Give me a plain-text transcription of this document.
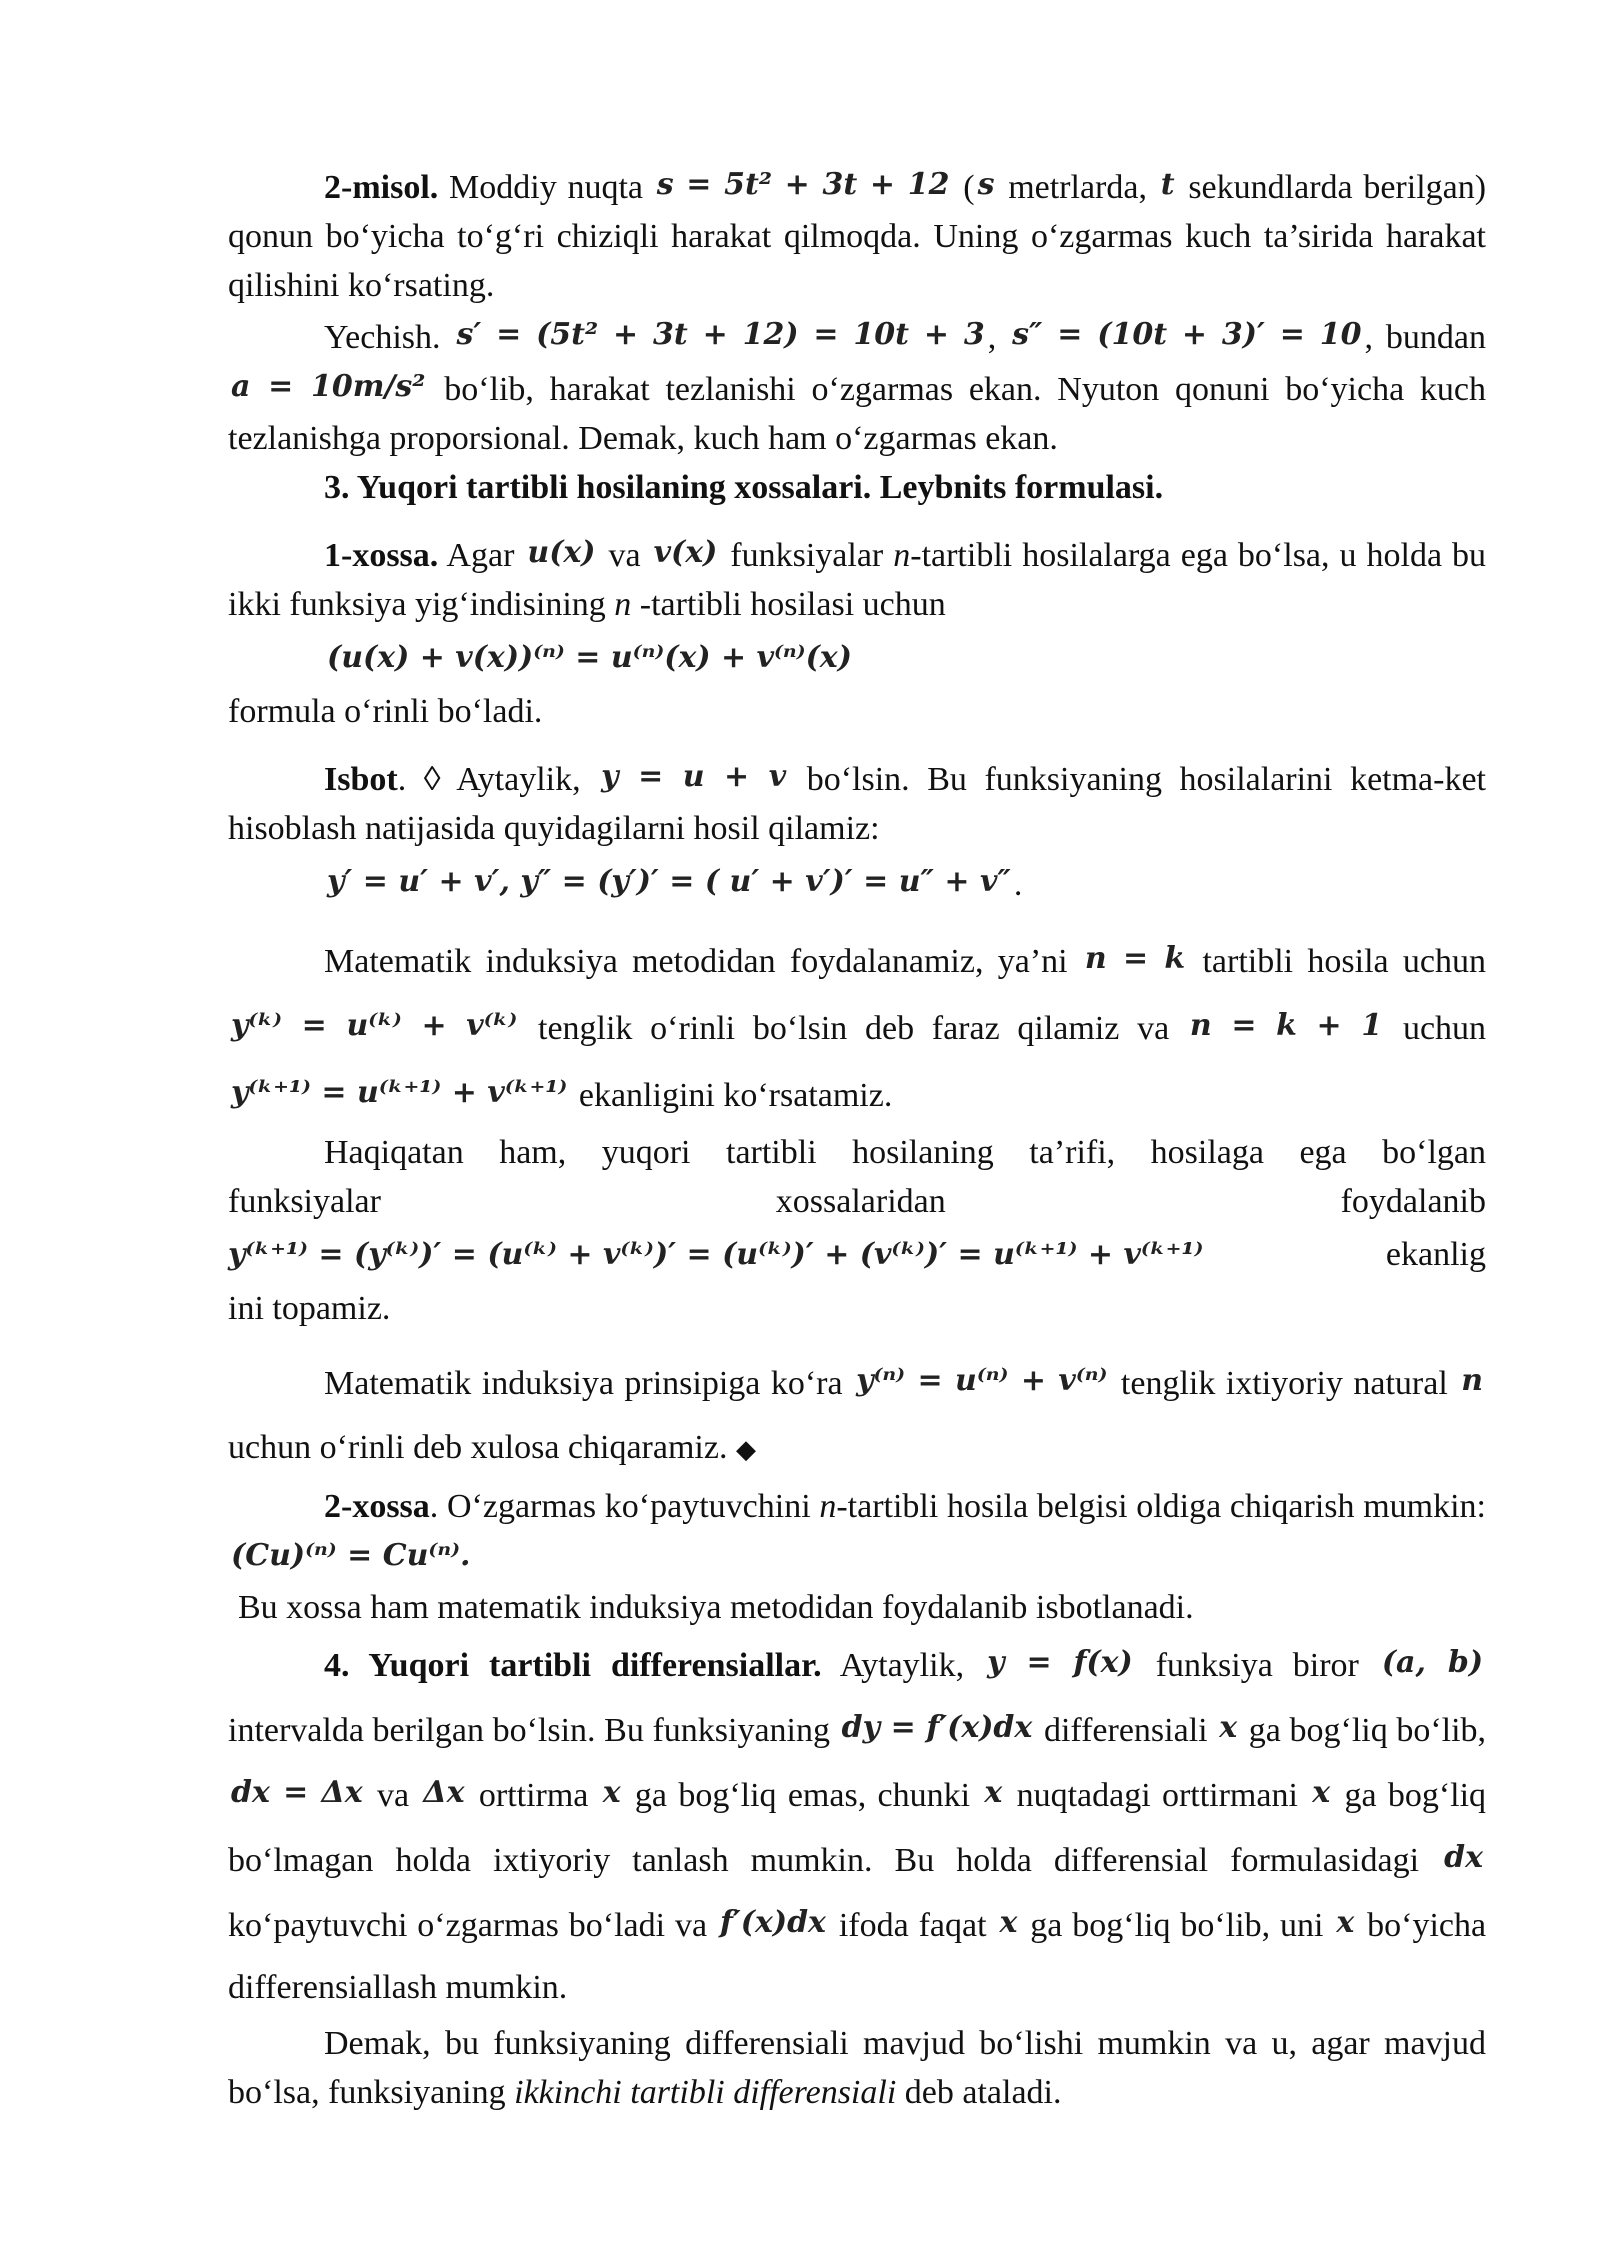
2-misol. Moddiy nuqta s = 5t² + 3t + 12 ( s metrlarda, t sekundlarda berilgan) qonun bo‘yicha to‘g‘ri chiziqli harakat qilmoqda. Uning o‘zgarmas kuch ta’sirida harakat qilishini ko‘rsating.

Yechish. s′ = (5t² + 3t + 12) = 10t + 3, s″ = (10t + 3)′ = 10, bundan a = 10m/s² bo‘lib, harakat tezlanishi o‘zgarmas ekan. Nyuton qonuni bo‘yicha kuch tezlanishga proporsional. Demak, kuch ham o‘zgarmas ekan.

3. Yuqori tartibli hosilaning xossalari. Leybnits formulasi.

1-xossa. Agar u(x) va v(x) funksiyalar n-tartibli hosilalarga ega bo‘lsa, u holda bu ikki funksiya yig‘indisining n -tartibli hosilasi uchun

(u(x) + v(x))⁽ⁿ⁾ = u⁽ⁿ⁾(x) + v⁽ⁿ⁾(x)

formula o‘rinli bo‘ladi.

Isbot. ◊ Aytaylik, y = u + v bo‘lsin. Bu funksiyaning hosilalarini ketma-ket hisoblash natijasida quyidagilarni hosil qilamiz:

y′ = u′ + v′, y″ = (y′)′ = ( u′ + v′)′ = u″ + v″.

Matematik induksiya metodidan foydalanamiz, ya’ni n = k tartibli hosila uchun y⁽ᵏ⁾ = u⁽ᵏ⁾ + v⁽ᵏ⁾ tenglik o‘rinli bo‘lsin deb faraz qilamiz va n = k + 1 uchun y⁽ᵏ⁺¹⁾ = u⁽ᵏ⁺¹⁾ + v⁽ᵏ⁺¹⁾ ekanligini ko‘rsatamiz.

Haqiqatan ham, yuqori tartibli hosilaning ta’rifi, hosilaga ega bo‘lgan

funksiyalar	xossalaridan	foydalanib
y⁽ᵏ⁺¹⁾ = (y⁽ᵏ⁾)′ = (u⁽ᵏ⁾ + v⁽ᵏ⁾)′ = (u⁽ᵏ⁾)′ + (v⁽ᵏ⁾)′ = u⁽ᵏ⁺¹⁾ + v⁽ᵏ⁺¹⁾	ekanlig

ini topamiz.

Matematik induksiya prinsipiga ko‘ra y⁽ⁿ⁾ = u⁽ⁿ⁾ + v⁽ⁿ⁾ tenglik ixtiyoriy natural n uchun o‘rinli deb xulosa chiqaramiz. ◆

2-xossa. O‘zgarmas ko‘paytuvchini n-tartibli hosila belgisi oldiga chiqarish mumkin: (Cu)⁽ⁿ⁾ = Cu⁽ⁿ⁾.

Bu xossa ham matematik induksiya metodidan foydalanib isbotlanadi.

4. Yuqori tartibli differensiallar. Aytaylik, y = f(x) funksiya biror (a, b) intervalda berilgan bo‘lsin. Bu funksiyaning dy = f′(x)dx differensiali x ga bog‘liq bo‘lib, dx = Δx va Δx orttirma x ga bog‘liq emas, chunki x nuqtadagi orttirmani x ga bog‘liq bo‘lmagan holda ixtiyoriy tanlash mumkin. Bu holda differensial formulasidagi dx ko‘paytuvchi o‘zgarmas bo‘ladi va f′(x)dx ifoda faqat x ga bog‘liq bo‘lib, uni x bo‘yicha differensiallash mumkin.

Demak, bu funksiyaning differensiali mavjud bo‘lishi mumkin va u, agar mavjud bo‘lsa, funksiyaning ikkinchi tartibli differensiali deb ataladi.
